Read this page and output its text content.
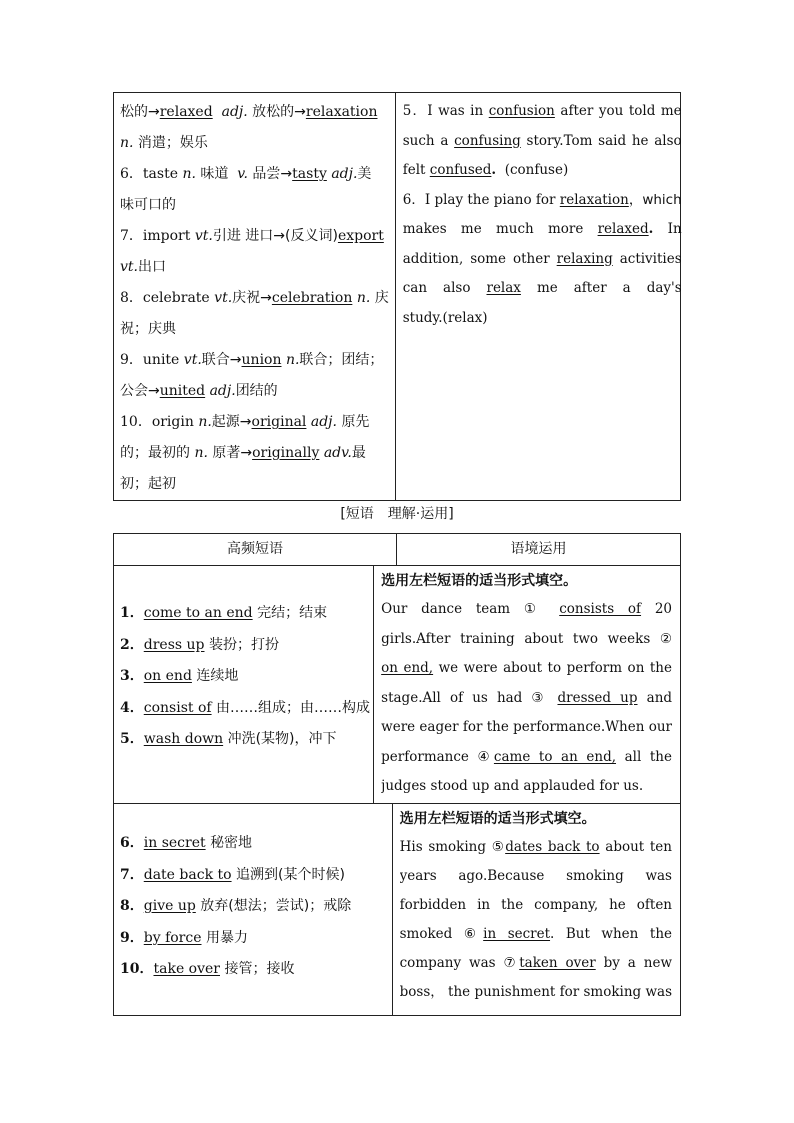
松的→relaxed adj. 放松的→relaxation
n. 消遣；娱乐
6．taste n. 味道 v. 品尝→tasty adj.美
味可口的
7．import vt.引进 进口→(反义词)export
vt.出口
8．celebrate vt.庆祝→celebration n. 庆
祝；庆典
9．unite vt.联合→union n.联合；团结；
公会→united adj.团结的
10．origin n.起源→original adj. 原先
的；最初的 n. 原著→originally adv.最
初；起初
5．I was in confusion after you told me
such a confusing story.Tom said he also
felt confused. (confuse)
6．I play the piano for relaxation，which
makes me much more relaxed. In
addition, some other relaxing activities
can also relax me after a day's
study.(relax)
[短语　理解·运用]
高频短语	语境运用
1．come to an end 完结；结束
2．dress up 装扮；打扮
3．on end 连续地
4．consist of 由……组成；由……构成
5．wash down 冲洗(某物)，冲下
选用左栏短语的适当形式填空。
Our dance team ① consists of 20
girls.After training about two weeks ②
on end, we were about to perform on the
stage.All of us had ③ dressed up and
were eager for the performance.When our
performance ④came to an end, all the
judges stood up and applauded for us.
6．in secret 秘密地
7．date back to 追溯到(某个时候)
8．give up 放弃(想法；尝试)；戒除
9．by force 用暴力
10．take over 接管；接收
选用左栏短语的适当形式填空。
His smoking ⑤dates back to about ten
years ago.Because smoking was
forbidden in the company, he often
smoked ⑥in secret. But when the
company was ⑦taken over by a new
boss， the punishment for smoking was
